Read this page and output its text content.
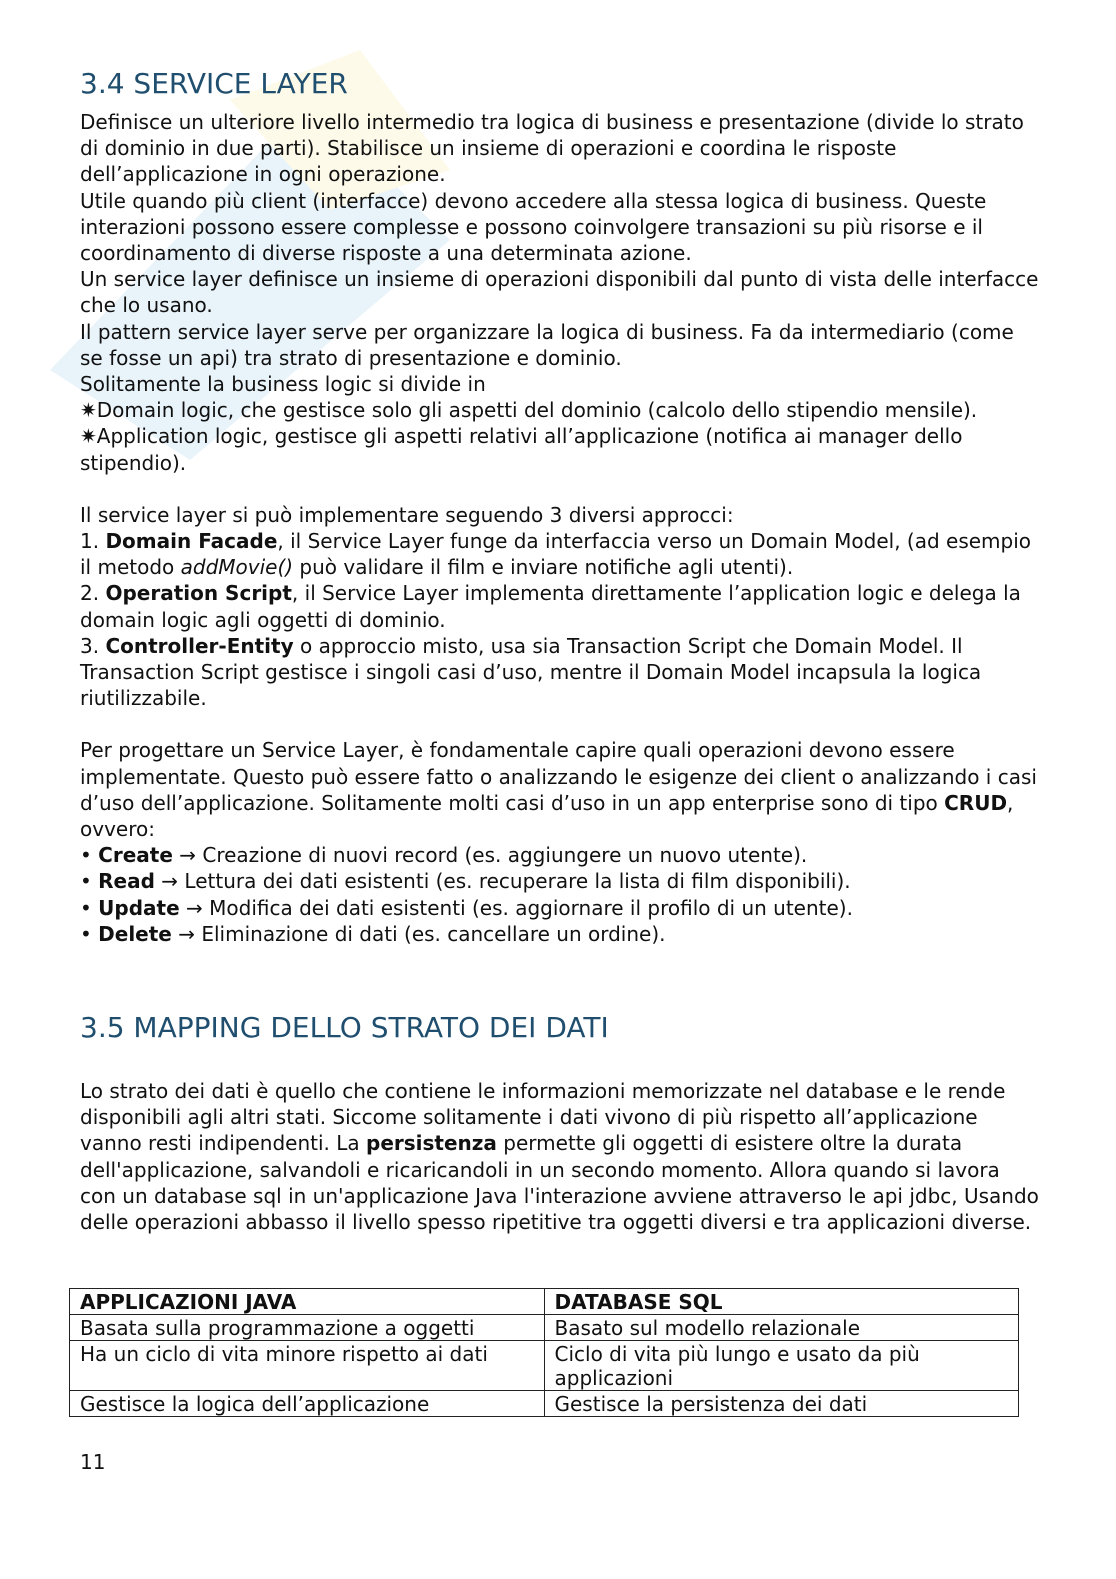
3.4 SERVICE LAYER

Definisce un ulteriore livello intermedio tra logica di business e presentazione (divide lo strato di dominio in due parti). Stabilisce un insieme di operazioni e coordina le risposte dell’applicazione in ogni operazione.

Utile quando più client (interfacce) devono accedere alla stessa logica di business. Queste interazioni possono essere complesse e possono coinvolgere transazioni su più risorse e il coordinamento di diverse risposte a una determinata azione.

Un service layer definisce un insieme di operazioni disponibili dal punto di vista delle interfacce che lo usano.

Il pattern service layer serve per organizzare la logica di business. Fa da intermediario (come se fosse un api) tra strato di presentazione e dominio.

Solitamente la business logic si divide in

✷Domain logic, che gestisce solo gli aspetti del dominio (calcolo dello stipendio mensile).

✷Application logic, gestisce gli aspetti relativi all’applicazione (notifica ai manager dello stipendio).

Il service layer si può implementare seguendo 3 diversi approcci:

1. Domain Facade, il Service Layer funge da interfaccia verso un Domain Model, (ad esempio il metodo addMovie() può validare il film e inviare notifiche agli utenti).

2. Operation Script, il Service Layer implementa direttamente l’application logic e delega la domain logic agli oggetti di dominio.

3. Controller-Entity o approccio misto, usa sia Transaction Script che Domain Model. Il Transaction Script gestisce i singoli casi d’uso, mentre il Domain Model incapsula la logica riutilizzabile.

Per progettare un Service Layer, è fondamentale capire quali operazioni devono essere implementate. Questo può essere fatto o analizzando le esigenze dei client o analizzando i casi d’uso dell’applicazione. Solitamente molti casi d’uso in un app enterprise sono di tipo CRUD, ovvero:

• Create → Creazione di nuovi record (es. aggiungere un nuovo utente).

• Read → Lettura dei dati esistenti (es. recuperare la lista di film disponibili).

• Update → Modifica dei dati esistenti (es. aggiornare il profilo di un utente).

• Delete → Eliminazione di dati (es. cancellare un ordine).

3.5 MAPPING DELLO STRATO DEI DATI

Lo strato dei dati è quello che contiene le informazioni memorizzate nel database e le rende disponibili agli altri stati. Siccome solitamente i dati vivono di più rispetto all’applicazione vanno resti indipendenti. La persistenza permette gli oggetti di esistere oltre la durata dell'applicazione, salvandoli e ricaricandoli in un secondo momento. Allora quando si lavora con un database sql in un'applicazione Java l'interazione avviene attraverso le api jdbc, Usando delle operazioni abbasso il livello spesso ripetitive tra oggetti diversi e tra applicazioni diverse.

APPLICAZIONI JAVA	DATABASE SQL
Basata sulla programmazione a oggetti	Basato sul modello relazionale
Ha un ciclo di vita minore rispetto ai dati	Ciclo di vita più lungo e usato da più applicazioni
Gestisce la logica dell’applicazione	Gestisce la persistenza dei dati
11
